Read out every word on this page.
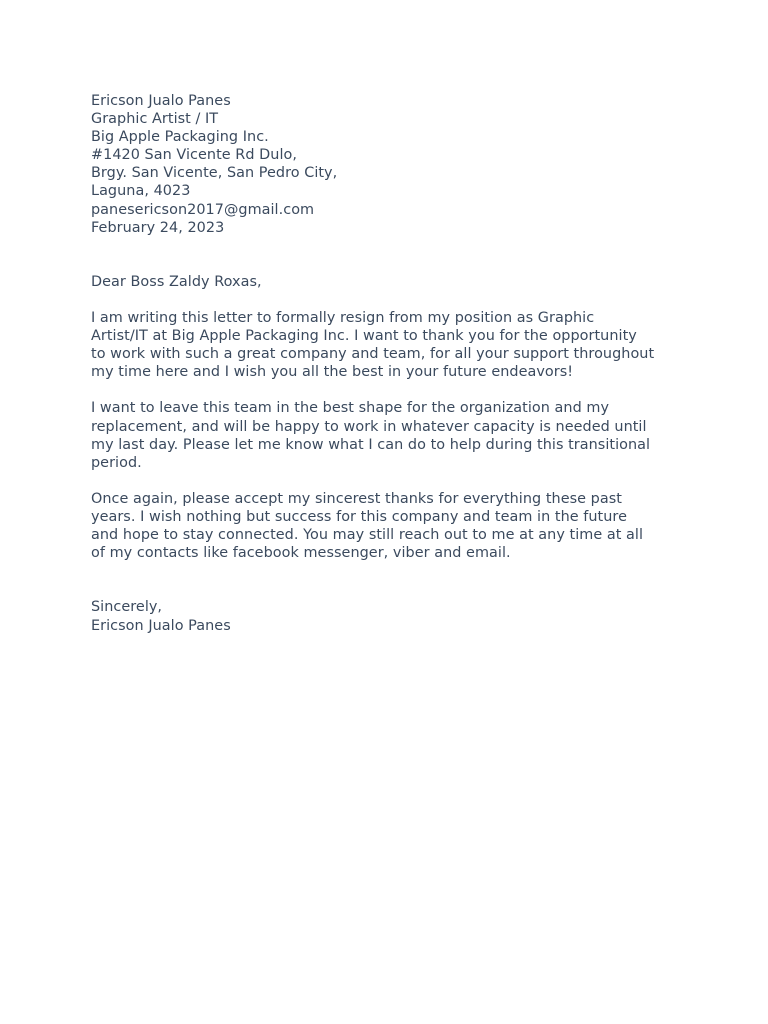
Ericson Jualo Panes
Graphic Artist / IT
Big Apple Packaging Inc.
#1420 San Vicente Rd Dulo,
Brgy. San Vicente, San Pedro City,
Laguna, 4023
panesericson2017@gmail.com
February 24, 2023

Dear Boss Zaldy Roxas,

I am writing this letter to formally resign from my position as Graphic

Artist/IT at Big Apple Packaging Inc. I want to thank you for the opportunity

to work with such a great company and team, for all your support throughout

my time here and I wish you all the best in your future endeavors!

I want to leave this team in the best shape for the organization and my

replacement, and will be happy to work in whatever capacity is needed until

my last day. Please let me know what I can do to help during this transitional

period.

Once again, please accept my sincerest thanks for everything these past

years. I wish nothing but success for this company and team in the future

and hope to stay connected. You may still reach out to me at any time at all

of my contacts like facebook messenger, viber and email.

Sincerely,
Ericson Jualo Panes
